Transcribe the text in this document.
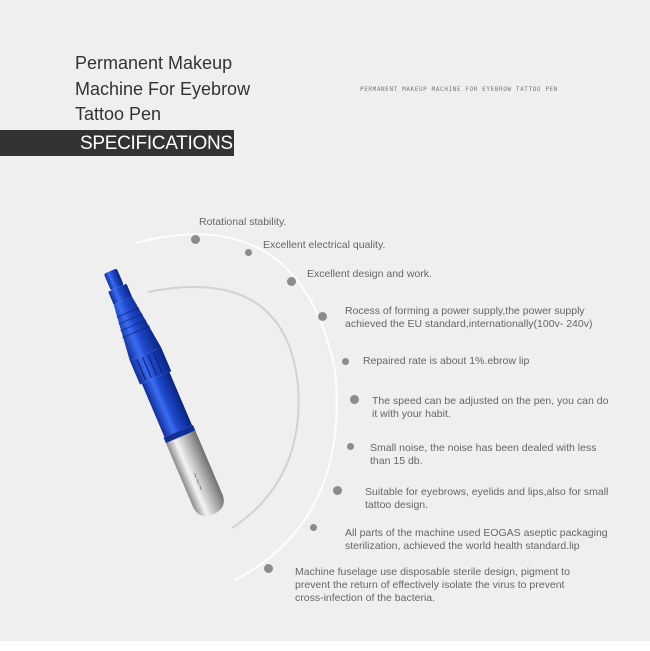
Permanent Makeup
Machine For Eyebrow
Tattoo Pen
PERMANENT MAKEUP MACHINE FOR EYEBROW TATTOO PEN
SPECIFICATIONS
~~~
Rotational stability.
Excellent electrical quality.
Excellent design and work.
Rocess of forming a power supply,the power supply
achieved the EU standard,internationally(100v- 240v)
Repaired rate is about 1%.ebrow lip
The speed can be adjusted on the pen, you can do
it with your habit.
Small noise, the noise has been dealed with less
than 15 db.
Suitable for eyebrows, eyelids and lips,also for small
tattoo design.
All parts of the machine used EOGAS aseptic packaging
sterilization, achieved the world health standard.lip
Machine fuselage use disposable sterile design, pigment to
prevent the return of effectively isolate the virus to prevent
cross-infection of the bacteria.
